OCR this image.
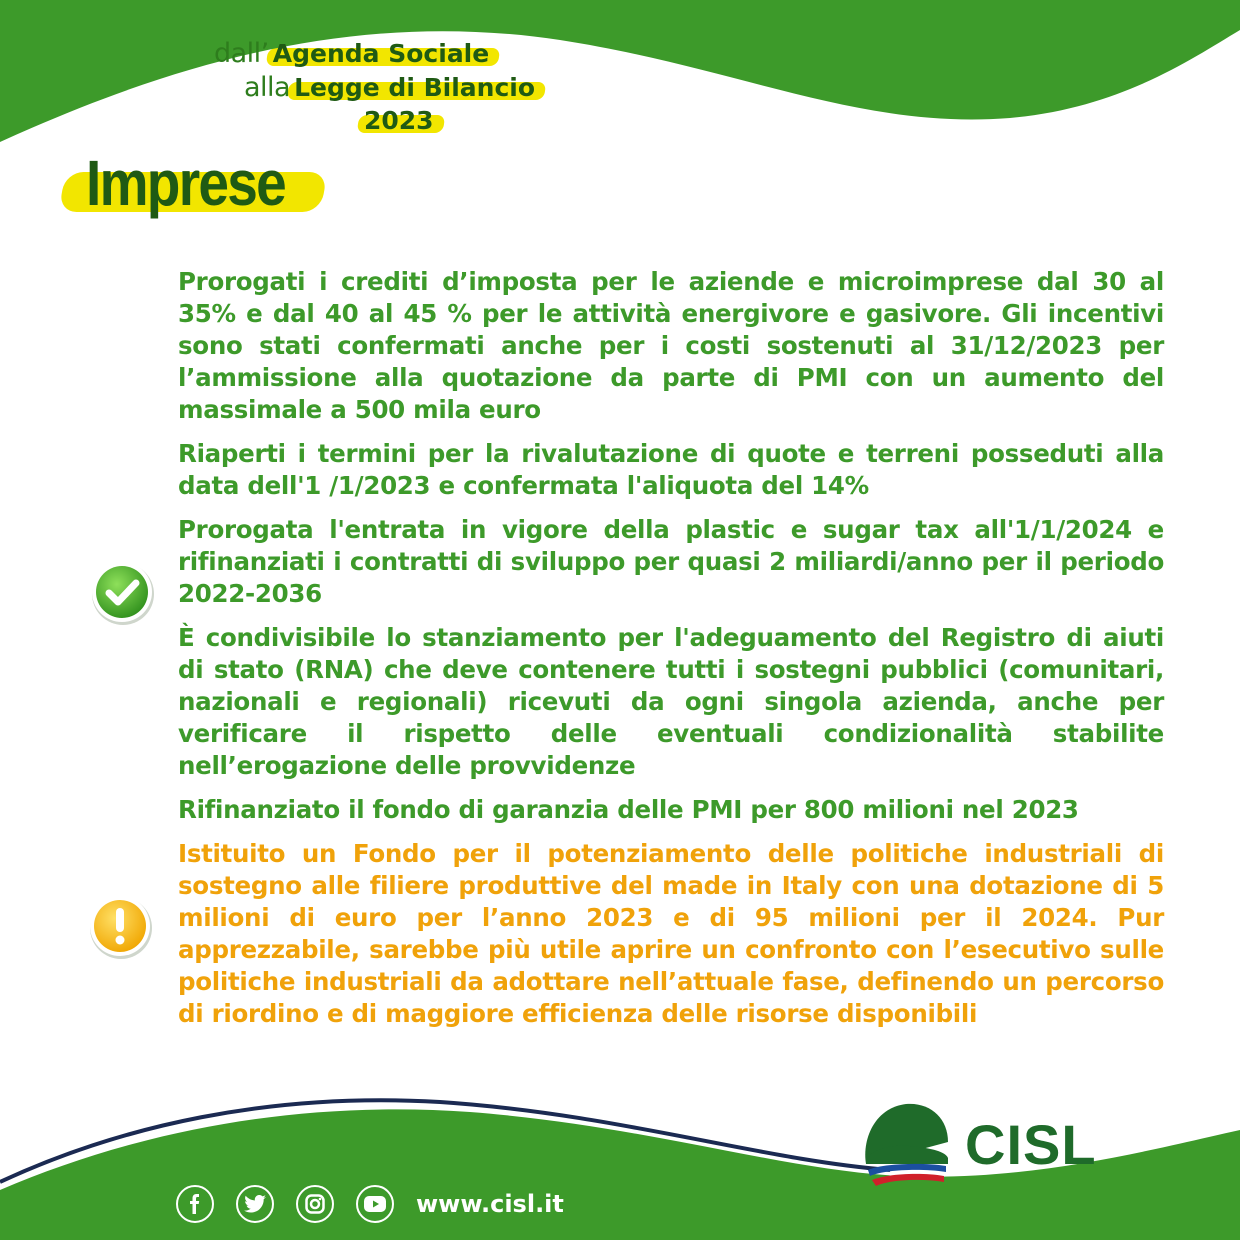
dall’ Agenda Sociale
alla Legge di Bilancio
2023
Imprese

Prorogati i crediti d’imposta per le aziende e microimprese dal 30 al 35% e dal 40 al 45 % per le attività energivore e gasivore. Gli incentivi sono stati confermati anche per i costi sostenuti al 31/12/2023 per l’ammissione alla quotazione da parte di PMI con un aumento del massimale a 500 mila euro

Riaperti i termini per la rivalutazione di quote e terreni posseduti alla data dell'1 /1/2023 e confermata l'aliquota del 14%

Prorogata l'entrata in vigore della plastic e sugar tax all'1/1/2024 e rifinanziati i contratti di sviluppo per quasi 2 miliardi/anno per il periodo 2022-2036

È condivisibile lo stanziamento per l'adeguamento del Registro di aiuti di stato (RNA) che deve contenere tutti i sostegni pubblici (comunitari, nazionali e regionali) ricevuti da ogni singola azienda, anche per verificare il rispetto delle eventuali condizionalità stabilite nell’erogazione delle provvidenze

Rifinanziato il fondo di garanzia delle PMI per 800 milioni nel 2023

Istituito un Fondo per il potenziamento delle politiche industriali di sostegno alle filiere produttive del made in Italy con una dotazione di 5 milioni di euro per l’anno 2023 e di 95 milioni per il 2024. Pur apprezzabile, sarebbe più utile aprire un confronto con l’esecutivo sulle politiche industriali da adottare nell’attuale fase, definendo un percorso di riordino e di maggiore efficienza delle risorse disponibili

www.cisl.it
CISL
